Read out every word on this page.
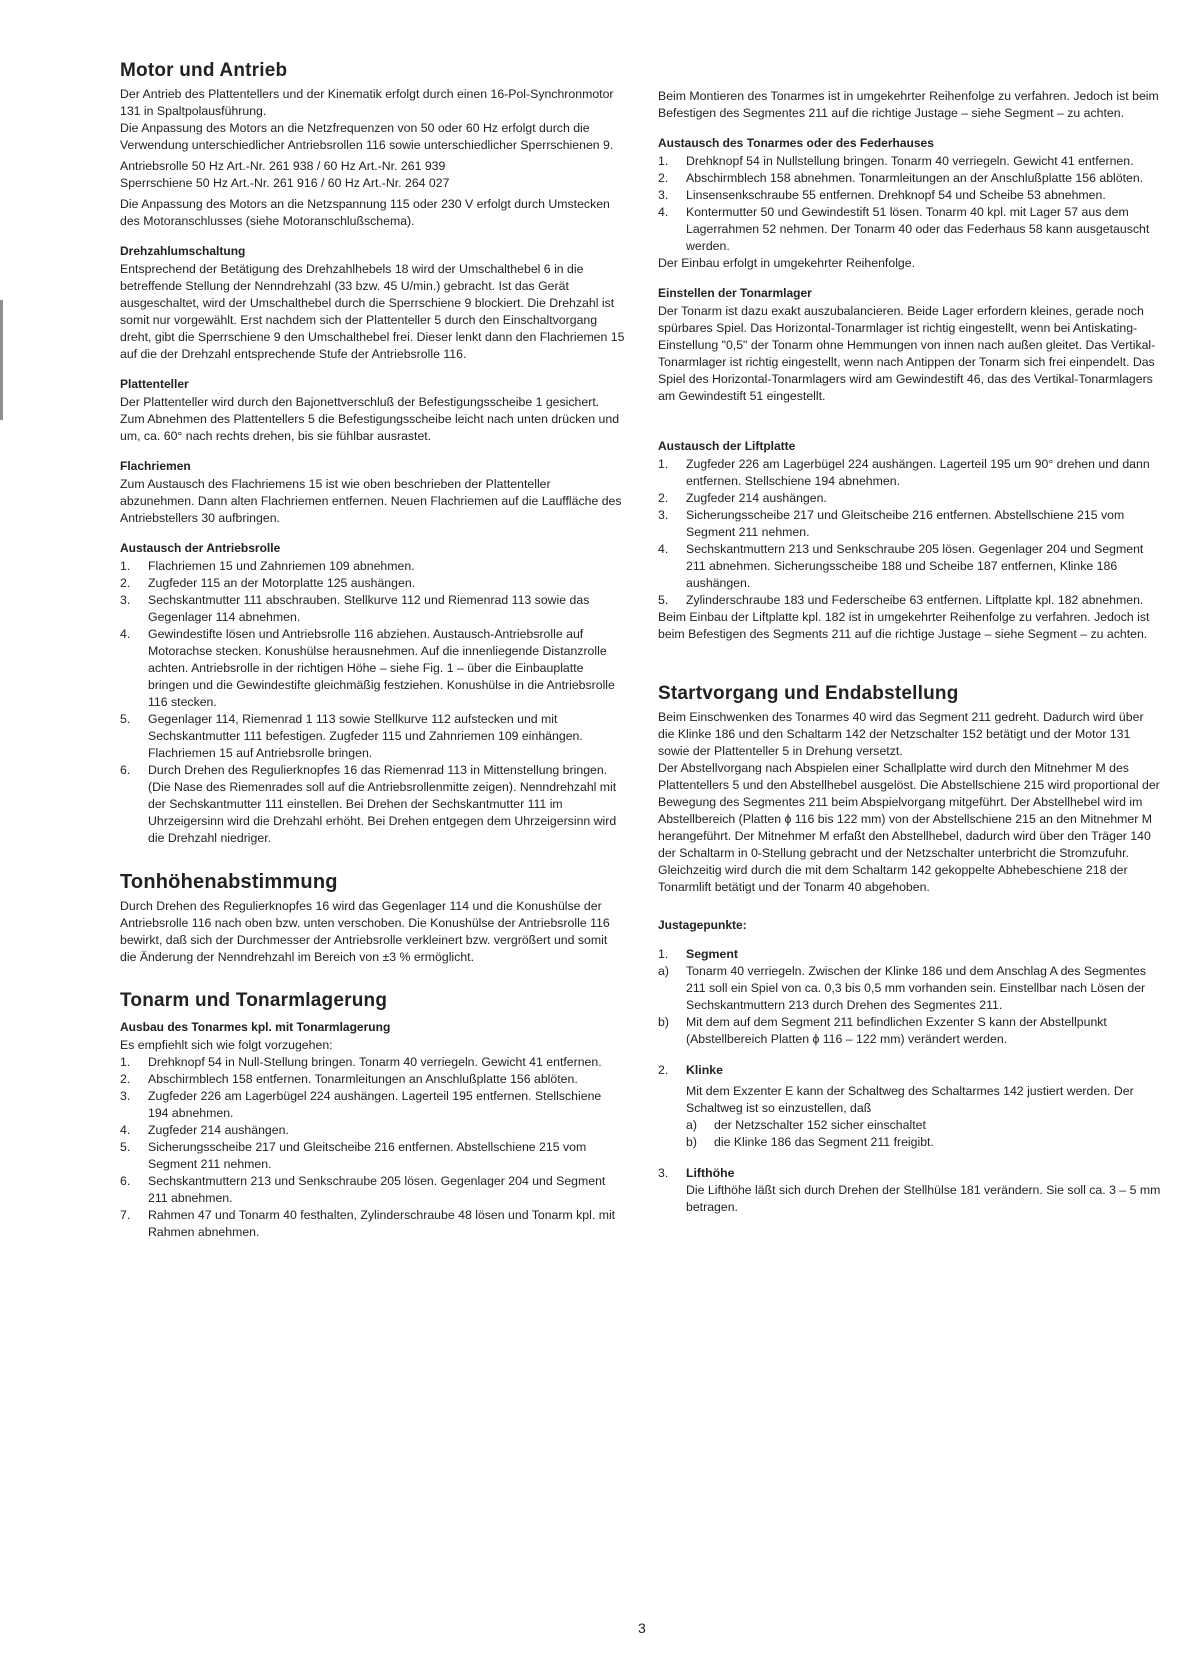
Motor und Antrieb

Der Antrieb des Plattentellers und der Kinematik erfolgt durch einen 16-Pol-Synchronmotor 131 in Spaltpolausführung.

Die Anpassung des Motors an die Netzfrequenzen von 50 oder 60 Hz erfolgt durch die Verwendung unterschiedlicher Antriebsrollen 116 sowie unterschiedlicher Sperrschienen 9.

Antriebsrolle 50 Hz Art.-Nr. 261 938 / 60 Hz Art.-Nr. 261 939

Sperrschiene 50 Hz Art.-Nr. 261 916 / 60 Hz Art.-Nr. 264 027

Die Anpassung des Motors an die Netzspannung 115 oder 230 V erfolgt durch Umstecken des Motoranschlusses (siehe Motoranschlußschema).

Drehzahlumschaltung

Entsprechend der Betätigung des Drehzahlhebels 18 wird der Umschalthebel 6 in die betreffende Stellung der Nenndrehzahl (33 bzw. 45 U/min.) gebracht. Ist das Gerät ausgeschaltet, wird der Umschalthebel durch die Sperrschiene 9 blockiert. Die Drehzahl ist somit nur vorgewählt. Erst nachdem sich der Plattenteller 5 durch den Einschaltvorgang dreht, gibt die Sperrschiene 9 den Umschalthebel frei. Dieser lenkt dann den Flachriemen 15 auf die der Drehzahl entsprechende Stufe der Antriebsrolle 116.

Plattenteller

Der Plattenteller wird durch den Bajonettverschluß der Befestigungsscheibe 1 gesichert. Zum Abnehmen des Plattentellers 5 die Befestigungsscheibe leicht nach unten drücken und um, ca. 60° nach rechts drehen, bis sie fühlbar ausrastet.

Flachriemen

Zum Austausch des Flachriemens 15 ist wie oben beschrieben der Plattenteller abzunehmen. Dann alten Flachriemen entfernen. Neuen Flachriemen auf die Lauffläche des Antriebstellers 30 aufbringen.

Austausch der Antriebsrolle
1. Flachriemen 15 und Zahnriemen 109 abnehmen.
2. Zugfeder 115 an der Motorplatte 125 aushängen.
3. Sechskantmutter 111 abschrauben. Stellkurve 112 und Riemenrad 113 sowie das Gegenlager 114 abnehmen.
4. Gewindestifte lösen und Antriebsrolle 116 abziehen. Austausch-Antriebsrolle auf Motorachse stecken. Konushülse herausnehmen. Auf die innenliegende Distanzrolle achten. Antriebsrolle in der richtigen Höhe – siehe Fig. 1 – über die Einbauplatte bringen und die Gewindestifte gleichmäßig festziehen. Konushülse in die Antriebsrolle 116 stecken.
5. Gegenlager 114, Riemenrad 1 113 sowie Stellkurve 112 aufstecken und mit Sechskantmutter 111 befestigen. Zugfeder 115 und Zahnriemen 109 einhängen.
Flachriemen 15 auf Antriebsrolle bringen.
6. Durch Drehen des Regulierknopfes 16 das Riemenrad 113 in Mittenstellung bringen. (Die Nase des Riemenrades soll auf die Antriebsrollenmitte zeigen). Nenndrehzahl mit der Sechskantmutter 111 einstellen. Bei Drehen der Sechskantmutter 111 im Uhrzeigersinn wird die Drehzahl erhöht. Bei Drehen entgegen dem Uhrzeigersinn wird die Drehzahl niedriger.
Tonhöhenabstimmung

Durch Drehen des Regulierknopfes 16 wird das Gegenlager 114 und die Konushülse der Antriebsrolle 116 nach oben bzw. unten verschoben. Die Konushülse der Antriebsrolle 116 bewirkt, daß sich der Durchmesser der Antriebsrolle verkleinert bzw. vergrößert und somit die Änderung der Nenndrehzahl im Bereich von ±3 % ermöglicht.

Tonarm und Tonarmlagerung
Ausbau des Tonarmes kpl. mit Tonarmlagerung

Es empfiehlt sich wie folgt vorzugehen:

1. Drehknopf 54 in Null-Stellung bringen. Tonarm 40 verriegeln. Gewicht 41 entfernen.
2. Abschirmblech 158 entfernen. Tonarmleitungen an Anschlußplatte 156 ablöten.
3. Zugfeder 226 am Lagerbügel 224 aushängen. Lagerteil 195 entfernen. Stellschiene 194 abnehmen.
4. Zugfeder 214 aushängen.
5. Sicherungsscheibe 217 und Gleitscheibe 216 entfernen. Abstellschiene 215 vom Segment 211 nehmen.
6. Sechskantmuttern 213 und Senkschraube 205 lösen. Gegenlager 204 und Segment 211 abnehmen.
7. Rahmen 47 und Tonarm 40 festhalten, Zylinderschraube 48 lösen und Tonarm kpl. mit Rahmen abnehmen.

Beim Montieren des Tonarmes ist in umgekehrter Reihenfolge zu verfahren. Jedoch ist beim Befestigen des Segmentes 211 auf die richtige Justage – siehe Segment – zu achten.

Austausch des Tonarmes oder des Federhauses
1. Drehknopf 54 in Nullstellung bringen. Tonarm 40 verriegeln. Gewicht 41 entfernen.
2. Abschirmblech 158 abnehmen. Tonarmleitungen an der Anschlußplatte 156 ablöten.
3. Linsensenkschraube 55 entfernen. Drehknopf 54 und Scheibe 53 abnehmen.
4. Kontermutter 50 und Gewindestift 51 lösen. Tonarm 40 kpl. mit Lager 57 aus dem Lagerrahmen 52 nehmen. Der Tonarm 40 oder das Federhaus 58 kann ausgetauscht werden.

Der Einbau erfolgt in umgekehrter Reihenfolge.

Einstellen der Tonarmlager

Der Tonarm ist dazu exakt auszubalancieren. Beide Lager erfordern kleines, gerade noch spürbares Spiel. Das Horizontal-Tonarmlager ist richtig eingestellt, wenn bei Antiskating-Einstellung "0,5" der Tonarm ohne Hemmungen von innen nach außen gleitet. Das Vertikal-Tonarmlager ist richtig eingestellt, wenn nach Antippen der Tonarm sich frei einpendelt. Das Spiel des Horizontal-Tonarmlagers wird am Gewindestift 46, das des Vertikal-Tonarmlagers am Gewindestift 51 eingestellt.

Austausch der Liftplatte
1. Zugfeder 226 am Lagerbügel 224 aushängen. Lagerteil 195 um 90° drehen und dann entfernen. Stellschiene 194 abnehmen.
2. Zugfeder 214 aushängen.
3. Sicherungsscheibe 217 und Gleitscheibe 216 entfernen. Abstellschiene 215 vom Segment 211 nehmen.
4. Sechskantmuttern 213 und Senkschraube 205 lösen. Gegenlager 204 und Segment 211 abnehmen. Sicherungsscheibe 188 und Scheibe 187 entfernen, Klinke 186 aushängen.
5. Zylinderschraube 183 und Federscheibe 63 entfernen. Liftplatte kpl. 182 abnehmen.

Beim Einbau der Liftplatte kpl. 182 ist in umgekehrter Reihenfolge zu verfahren. Jedoch ist beim Befestigen des Segments 211 auf die richtige Justage – siehe Segment – zu achten.

Startvorgang und Endabstellung

Beim Einschwenken des Tonarmes 40 wird das Segment 211 gedreht. Dadurch wird über die Klinke 186 und den Schaltarm 142 der Netzschalter 152 betätigt und der Motor 131 sowie der Plattenteller 5 in Drehung versetzt.

Der Abstellvorgang nach Abspielen einer Schallplatte wird durch den Mitnehmer M des Plattentellers 5 und den Abstellhebel ausgelöst. Die Abstellschiene 215 wird proportional der Bewegung des Segmentes 211 beim Abspielvorgang mitgeführt. Der Abstellhebel wird im Abstellbereich (Platten ϕ 116 bis 122 mm) von der Abstellschiene 215 an den Mitnehmer M herangeführt. Der Mitnehmer M erfaßt den Abstellhebel, dadurch wird über den Träger 140 der Schaltarm in 0-Stellung gebracht und der Netzschalter unterbricht die Stromzufuhr. Gleichzeitig wird durch die mit dem Schaltarm 142 gekoppelte Abhebeschiene 218 der Tonarmlift betätigt und der Tonarm 40 abgehoben.

Justagepunkte:
1. Segment
a) Tonarm 40 verriegeln. Zwischen der Klinke 186 und dem Anschlag A des Segmentes 211 soll ein Spiel von ca. 0,3 bis 0,5 mm vorhanden sein. Einstellbar nach Lösen der Sechskantmuttern 213 durch Drehen des Segmentes 211.
b) Mit dem auf dem Segment 211 befindlichen Exzenter S kann der Abstellpunkt (Abstellbereich Platten ϕ 116 – 122 mm) verändert werden.
2. Klinke

Mit dem Exzenter E kann der Schaltweg des Schaltarmes 142 justiert werden. Der Schaltweg ist so einzustellen, daß

a) der Netzschalter 152 sicher einschaltet
b) die Klinke 186 das Segment 211 freigibt.
3. Lifthöhe

Die Lifthöhe läßt sich durch Drehen der Stellhülse 181 verändern. Sie soll ca. 3 – 5 mm betragen.

3
